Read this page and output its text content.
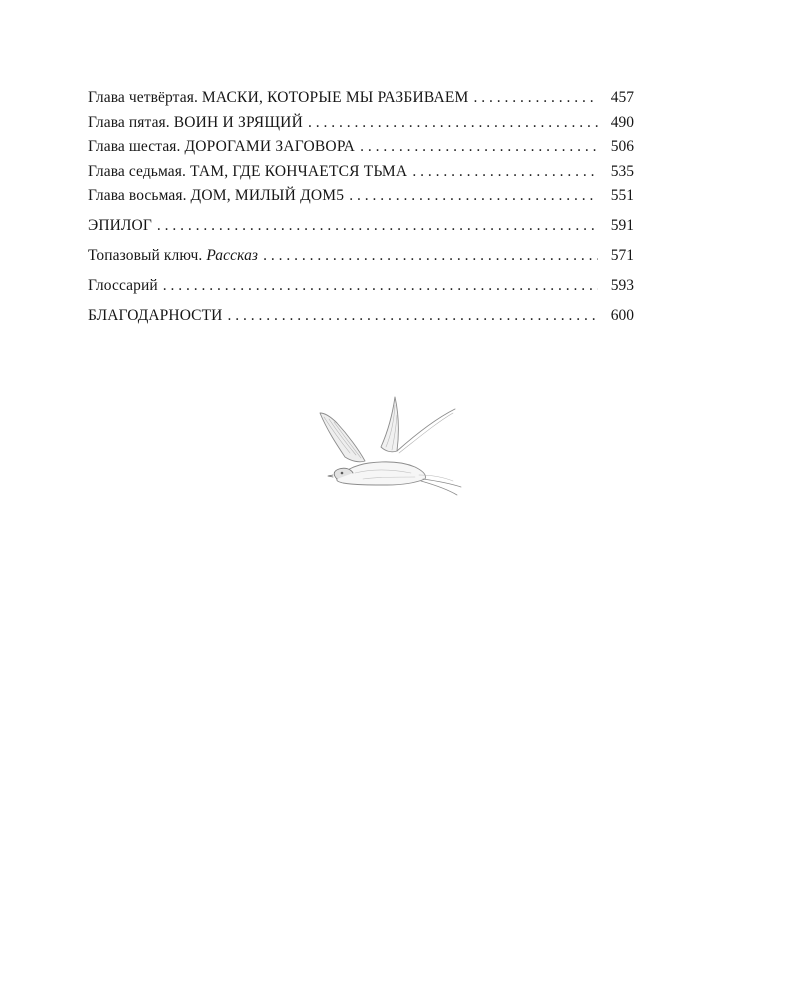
Глава четвёртая. МАСКИ, КОТОРЫЕ МЫ РАЗБИВАЕМ . . .	457
Глава пятая. ВОИН И ЗРЯЩИЙ . . .	490
Глава шестая. ДОРОГАМИ ЗАГОВОРА . . .	506
Глава седьмая. ТАМ, ГДЕ КОНЧАЕТСЯ ТЬМА . . .	535
Глава восьмая. ДОМ, МИЛЫЙ ДОМ5 . . .	551
ЭПИЛОГ . . .	591
Топазовый ключ. Рассказ . . .	571
Глоссарий . . .	593
БЛАГОДАРНОСТИ . . .	600
